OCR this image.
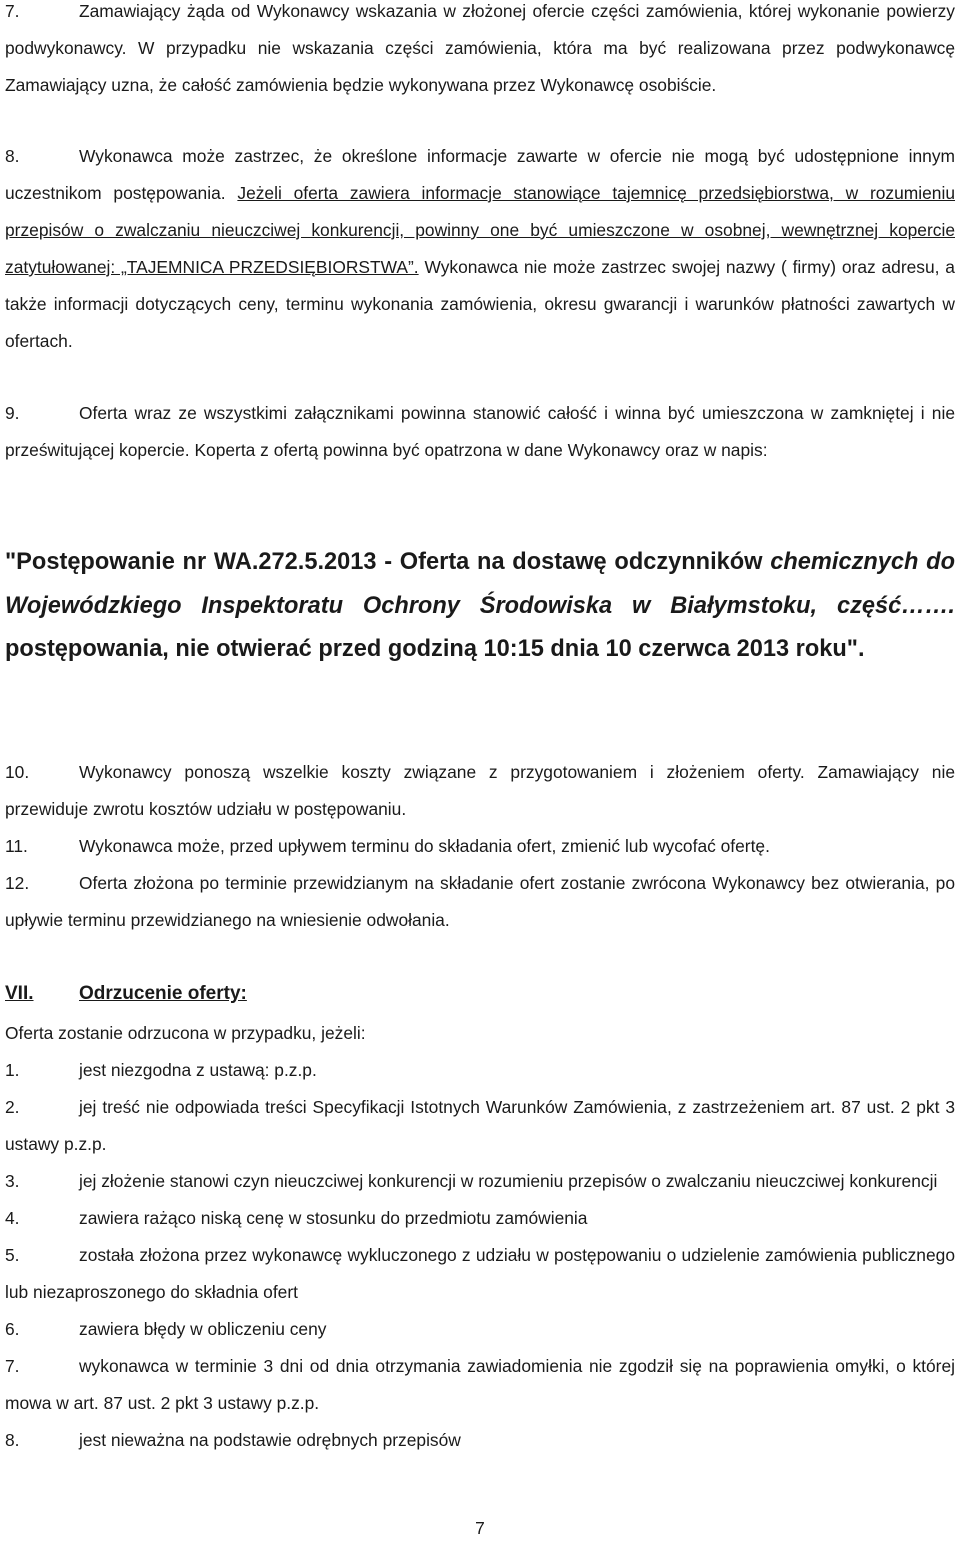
7.	Zamawiający żąda od Wykonawcy wskazania w złożonej ofercie części zamówienia, której wykonanie powierzy podwykonawcy. W przypadku nie wskazania części zamówienia, która ma być realizowana przez podwykonawcę Zamawiający uzna, że całość zamówienia będzie wykonywana przez Wykonawcę osobiście.

8.	Wykonawca może zastrzec, że określone informacje zawarte w ofercie nie mogą być udostępnione innym uczestnikom postępowania. Jeżeli oferta zawiera informacje stanowiące tajemnicę przedsiębiorstwa, w rozumieniu przepisów o zwalczaniu nieuczciwej konkurencji, powinny one być umieszczone w osobnej, wewnętrznej kopercie zatytułowanej: „TAJEMNICA PRZEDSIĘBIORSTWA”. Wykonawca nie może zastrzec swojej nazwy ( firmy) oraz adresu, a także informacji dotyczących ceny, terminu wykonania zamówienia, okresu gwarancji i warunków płatności zawartych w ofertach.

9.	Oferta wraz ze wszystkimi załącznikami powinna stanowić całość i winna być umieszczona w zamkniętej i nie prześwitującej kopercie. Koperta z ofertą powinna być opatrzona w dane Wykonawcy oraz w napis:

"Postępowanie nr WA.272.5.2013 - Oferta na dostawę odczynników chemicznych do Wojewódzkiego Inspektoratu Ochrony Środowiska w Białymstoku, część……. postępowania, nie otwierać przed godziną 10:15 dnia 10 czerwca 2013 roku".

10.	Wykonawcy ponoszą wszelkie koszty związane z przygotowaniem i złożeniem oferty. Zamawiający nie przewiduje zwrotu kosztów udziału w postępowaniu.

11.	Wykonawca może, przed upływem terminu do składania ofert, zmienić lub wycofać ofertę.

12.	Oferta złożona po terminie przewidzianym na składanie ofert zostanie zwrócona Wykonawcy bez otwierania, po upływie terminu przewidzianego na wniesienie odwołania.

VII. Odrzucenie oferty:

Oferta zostanie odrzucona w przypadku, jeżeli:

1.	jest niezgodna z ustawą: p.z.p.

2.	jej treść nie odpowiada treści Specyfikacji Istotnych Warunków Zamówienia, z zastrzeżeniem art. 87 ust. 2 pkt 3 ustawy p.z.p.

3.	jej złożenie stanowi czyn nieuczciwej konkurencji w rozumieniu przepisów o zwalczaniu nieuczciwej konkurencji

4.	zawiera rażąco niską cenę w stosunku do przedmiotu zamówienia

5.	została złożona przez wykonawcę wykluczonego z udziału w postępowaniu o udzielenie zamówienia publicznego lub niezaproszonego do składnia ofert

6.	zawiera błędy w obliczeniu ceny

7.	wykonawca w terminie 3 dni od dnia otrzymania zawiadomienia nie zgodził się na poprawienia omyłki, o której mowa w art. 87 ust. 2 pkt 3 ustawy p.z.p.

8.	jest nieważna na podstawie odrębnych przepisów

7
